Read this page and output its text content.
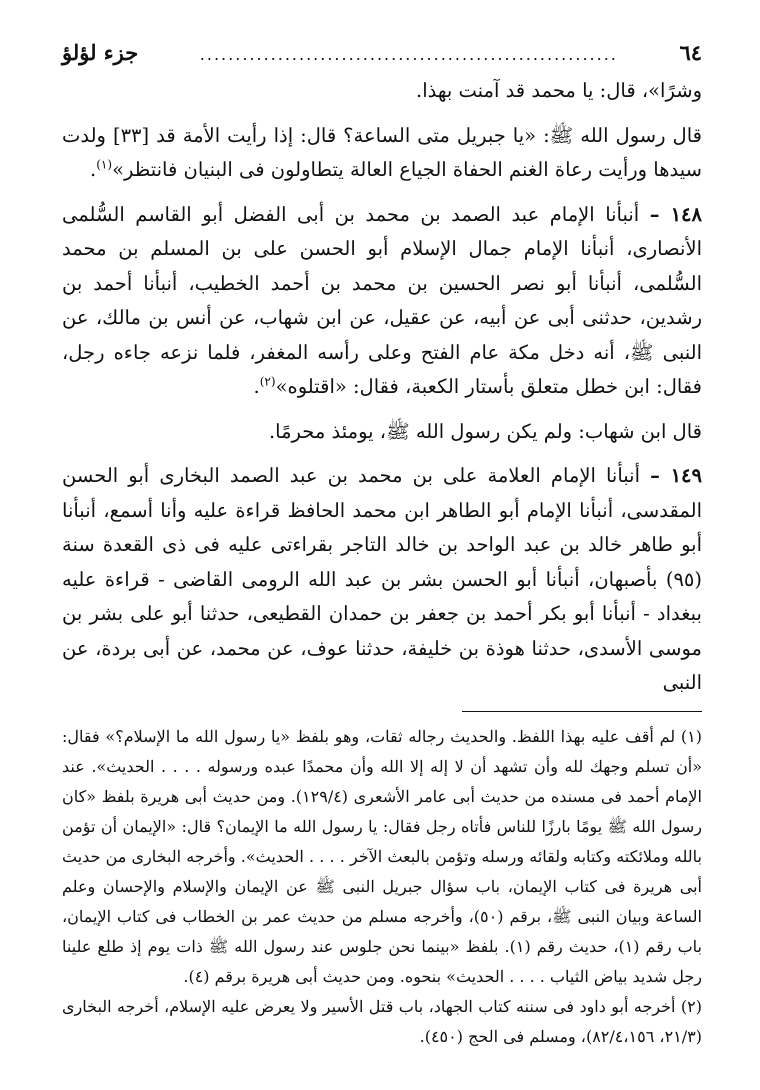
٦٤
...........................................................
جزء لؤلؤ

وشرًا»، قال: يا محمد قد آمنت بهذا.

قال رسول الله ﷺ: «يا جبريل متى الساعة؟ قال: إذا رأيت الأمة قد [٣٣] ولدت سيدها ورأيت رعاة الغنم الحفاة الجياع العالة يتطاولون فى البنيان فانتظر»$^{(١)}$.

١٤٨ – أنبأنا الإمام عبد الصمد بن محمد بن أبى الفضل أبو القاسم السُّلمى الأنصارى، أنبأنا الإمام جمال الإسلام أبو الحسن على بن المسلم بن محمد السُّلمى، أنبأنا أبو نصر الحسين بن محمد بن أحمد الخطيب، أنبأنا أحمد بن رشدين، حدثنى أبى عن أبيه، عن عقيل، عن ابن شهاب، عن أنس بن مالك، عن النبى ﷺ، أنه دخل مكة عام الفتح وعلى رأسه المغفر، فلما نزعه جاءه رجل، فقال: ابن خطل متعلق بأستار الكعبة، فقال: «اقتلوه»$^{(٢)}$.

قال ابن شهاب: ولم يكن رسول الله ﷺ، يومئذ محرمًا.

١٤٩ – أنبأنا الإمام العلامة على بن محمد بن عبد الصمد البخارى أبو الحسن المقدسى، أنبأنا الإمام أبو الطاهر ابن محمد الحافظ قراءة عليه وأنا أسمع، أنبأنا أبو طاهر خالد بن عبد الواحد بن خالد التاجر بقراءتى عليه فى ذى القعدة سنة (٩٥) بأصبهان، أنبأنا أبو الحسن بشر بن عبد الله الرومى القاضى - قراءة عليه ببغداد - أنبأنا أبو بكر أحمد بن جعفر بن حمدان القطيعى، حدثنا أبو على بشر بن موسى الأسدى، حدثنا هوذة بن خليفة، حدثنا عوف، عن محمد، عن أبى بردة، عن النبى

(١) لم أقف عليه بهذا اللفظ. والحديث رجاله ثقات، وهو بلفظ «يا رسول الله ما الإسلام؟» فقال: «أن تسلم وجهك لله وأن تشهد أن لا إله إلا الله وأن محمدًا عبده ورسوله . . . . الحديث». عند الإمام أحمد فى مسنده من حديث أبى عامر الأشعرى (١٢٩/٤). ومن حديث أبى هريرة بلفظ «كان رسول الله ﷺ يومًا بارزًا للناس فأتاه رجل فقال: يا رسول الله ما الإيمان؟ قال: «الإيمان أن تؤمن بالله وملائكته وكتابه ولقائه ورسله وتؤمن بالبعث الآخر . . . . الحديث». وأخرجه البخارى من حديث أبى هريرة فى كتاب الإيمان، باب سؤال جبريل النبى ﷺ عن الإيمان والإسلام والإحسان وعلم الساعة وبيان النبى ﷺ، برقم (٥٠)، وأخرجه مسلم من حديث عمر بن الخطاب فى كتاب الإيمان، باب رقم (١)، حديث رقم (١). بلفظ «بينما نحن جلوس عند رسول الله ﷺ ذات يوم إذ طلع علينا رجل شديد بياض الثياب . . . . الحديث» بنحوه. ومن حديث أبى هريرة برقم (٤).

(٢) أخرجه أبو داود فى سننه كتاب الجهاد، باب قتل الأسير ولا يعرض عليه الإسلام، أخرجه البخارى (٢١/٣، ٨٢/٤،١٥٦)، ومسلم فى الحج (٤٥٠).
